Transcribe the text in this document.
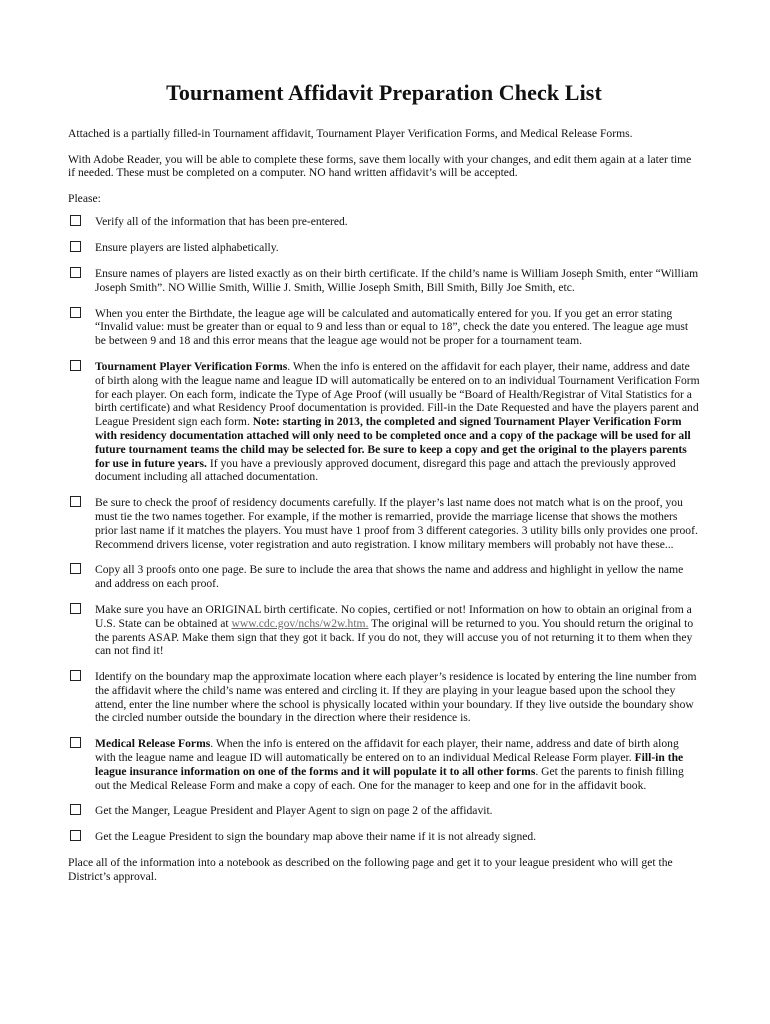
Tournament Affidavit Preparation Check List

Attached is a partially filled-in Tournament affidavit, Tournament Player Verification Forms, and Medical Release Forms.

With Adobe Reader, you will be able to complete these forms, save them locally with your changes, and edit them again at a later time if needed. These must be completed on a computer. NO hand written affidavit’s will be accepted.

Please:

Verify all of the information that has been pre-entered.
Ensure players are listed alphabetically.
Ensure names of players are listed exactly as on their birth certificate. If the child’s name is William Joseph Smith, enter “William Joseph Smith”. NO Willie Smith, Willie J. Smith, Willie Joseph Smith, Bill Smith, Billy Joe Smith, etc.
When you enter the Birthdate, the league age will be calculated and automatically entered for you. If you get an error stating “Invalid value: must be greater than or equal to 9 and less than or equal to 18”, check the date you entered. The league age must be between 9 and 18 and this error means that the league age would not be proper for a tournament team.
Tournament Player Verification Forms. When the info is entered on the affidavit for each player, their name, address and date of birth along with the league name and league ID will automatically be entered on to an individual Tournament Verification Form for each player. On each form, indicate the Type of Age Proof (will usually be “Board of Health/Registrar of Vital Statistics for a birth certificate) and what Residency Proof documentation is provided. Fill-in the Date Requested and have the players parent and League President sign each form. Note: starting in 2013, the completed and signed Tournament Player Verification Form with residency documentation attached will only need to be completed once and a copy of the package will be used for all future tournament teams the child may be selected for. Be sure to keep a copy and get the original to the players parents for use in future years. If you have a previously approved document, disregard this page and attach the previously approved document including all attached documentation.
Be sure to check the proof of residency documents carefully. If the player’s last name does not match what is on the proof, you must tie the two names together. For example, if the mother is remarried, provide the marriage license that shows the mothers prior last name if it matches the players. You must have 1 proof from 3 different categories. 3 utility bills only provides one proof. Recommend drivers license, voter registration and auto registration. I know military members will probably not have these...
Copy all 3 proofs onto one page. Be sure to include the area that shows the name and address and highlight in yellow the name and address on each proof.
Make sure you have an ORIGINAL birth certificate. No copies, certified or not! Information on how to obtain an original from a U.S. State can be obtained at www.cdc.gov/nchs/w2w.htm. The original will be returned to you. You should return the original to the parents ASAP. Make them sign that they got it back. If you do not, they will accuse you of not returning it to them when they can not find it!
Identify on the boundary map the approximate location where each player’s residence is located by entering the line number from the affidavit where the child’s name was entered and circling it. If they are playing in your league based upon the school they attend, enter the line number where the school is physically located within your boundary. If they live outside the boundary show the circled number outside the boundary in the direction where their residence is.
Medical Release Forms. When the info is entered on the affidavit for each player, their name, address and date of birth along with the league name and league ID will automatically be entered on to an individual Medical Release Form player. Fill-in the league insurance information on one of the forms and it will populate it to all other forms. Get the parents to finish filling out the Medical Release Form and make a copy of each. One for the manager to keep and one for in the affidavit book.
Get the Manger, League President and Player Agent to sign on page 2 of the affidavit.
Get the League President to sign the boundary map above their name if it is not already signed.

Place all of the information into a notebook as described on the following page and get it to your league president who will get the District’s approval.
